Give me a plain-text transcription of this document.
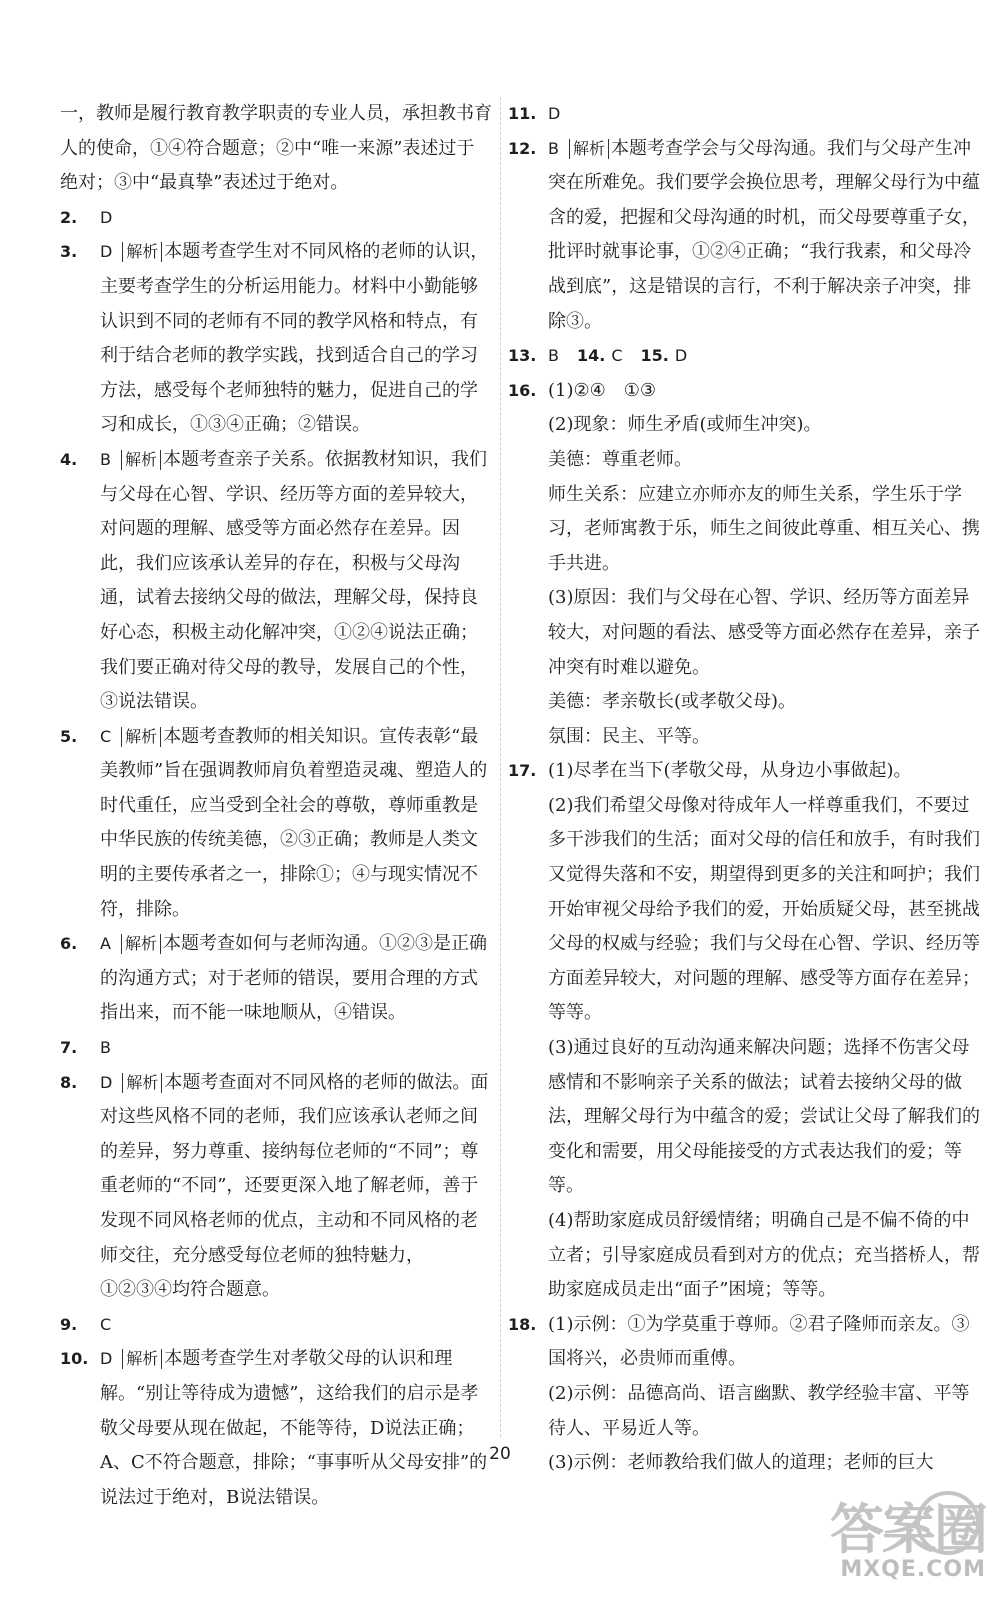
一，教师是履行教育教学职责的专业人员，承担教书育人的使命，①④符合题意；②中“唯一来源”表述过于绝对；③中“最真挚”表述过于绝对。

2. D

3. D 解析 本题考查学生对不同风格的老师的认识，主要考查学生的分析运用能力。材料中小勤能够认识到不同的老师有不同的教学风格和特点，有利于结合老师的教学实践，找到适合自己的学习方法，感受每个老师独特的魅力，促进自己的学习和成长，①③④正确；②错误。

4. B 解析 本题考查亲子关系。依据教材知识，我们与父母在心智、学识、经历等方面的差异较大，对问题的理解、感受等方面必然存在差异。因此，我们应该承认差异的存在，积极与父母沟通，试着去接纳父母的做法，理解父母，保持良好心态，积极主动化解冲突，①②④说法正确；我们要正确对待父母的教导，发展自己的个性，③说法错误。

5. C 解析 本题考查教师的相关知识。宣传表彰“最美教师”旨在强调教师肩负着塑造灵魂、塑造人的时代重任，应当受到全社会的尊敬，尊师重教是中华民族的传统美德，②③正确；教师是人类文明的主要传承者之一，排除①；④与现实情况不符，排除。

6. A 解析 本题考查如何与老师沟通。①②③是正确的沟通方式；对于老师的错误，要用合理的方式指出来，而不能一味地顺从，④错误。

7. B

8. D 解析 本题考查面对不同风格的老师的做法。面对这些风格不同的老师，我们应该承认老师之间的差异，努力尊重、接纳每位老师的“不同”；尊重老师的“不同”，还要更深入地了解老师，善于发现不同风格老师的优点，主动和不同风格的老师交往，充分感受每位老师的独特魅力，①②③④均符合题意。

9. C

10. D 解析 本题考查学生对孝敬父母的认识和理解。“别让等待成为遗憾”，这给我们的启示是孝敬父母要从现在做起，不能等待，D说法正确；A、C不符合题意，排除；“事事听从父母安排”的说法过于绝对，B说法错误。

11. D

12. B 解析 本题考查学会与父母沟通。我们与父母产生冲突在所难免。我们要学会换位思考，理解父母行为中蕴含的爱，把握和父母沟通的时机，而父母要尊重子女，批评时就事论事，①②④正确；“我行我素，和父母冷战到底”，这是错误的言行，不利于解决亲子冲突，排除③。

13. B 14. C 15. D

16. (1)②④　①③

(2)现象：师生矛盾(或师生冲突)。

美德：尊重老师。

师生关系：应建立亦师亦友的师生关系，学生乐于学习，老师寓教于乐，师生之间彼此尊重、相互关心、携手共进。

(3)原因：我们与父母在心智、学识、经历等方面差异较大，对问题的看法、感受等方面必然存在差异，亲子冲突有时难以避免。

美德：孝亲敬长(或孝敬父母)。

氛围：民主、平等。

17. (1)尽孝在当下(孝敬父母，从身边小事做起)。

(2)我们希望父母像对待成年人一样尊重我们，不要过多干涉我们的生活；面对父母的信任和放手，有时我们又觉得失落和不安，期望得到更多的关注和呵护；我们开始审视父母给予我们的爱，开始质疑父母，甚至挑战父母的权威与经验；我们与父母在心智、学识、经历等方面差异较大，对问题的理解、感受等方面存在差异；等等。

(3)通过良好的互动沟通来解决问题；选择不伤害父母感情和不影响亲子关系的做法；试着去接纳父母的做法，理解父母行为中蕴含的爱；尝试让父母了解我们的变化和需要，用父母能接受的方式表达我们的爱；等等。

(4)帮助家庭成员舒缓情绪；明确自己是不偏不倚的中立者；引导家庭成员看到对方的优点；充当搭桥人，帮助家庭成员走出“面子”困境；等等。

18. (1)示例：①为学莫重于尊师。②君子隆师而亲友。③国将兴，必贵师而重傅。

(2)示例：品德高尚、语言幽默、教学经验丰富、平等待人、平易近人等。

(3)示例：老师教给我们做人的道理；老师的巨大

20
答案圈
MXQE.COM
